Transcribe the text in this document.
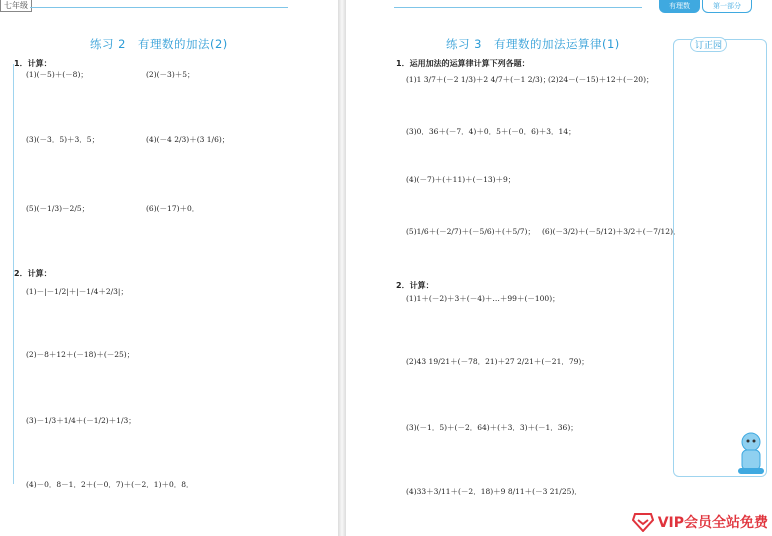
七年级
练习 2　有理数的加法(2)
1．计算：
(1)(－5)＋(－8)；	(2)(－3)＋5；
(3)(－3．5)＋3．5；	(4)(－4 2/3)＋(3 1/6)；
(5)(－1/3)－2/5；	(6)(－17)＋0．
2．计算：
(1)－|－1/2|＋|－1/4＋2/3|；
(2)－8＋12＋(－18)＋(－25)；
(3)－1/3＋1/4＋(－1/2)＋1/3；
(4)－0．8－1．2＋(－0．7)＋(－2．1)＋0．8．
练习 3　有理数的加法运算律(1)
1．运用加法的运算律计算下列各题：
(1)1 3/7＋(－2 1/3)＋2 4/7＋(－1 2/3)；
(2)24－(－15)＋12＋(－20)；
(3)0．36＋(－7．4)＋0．5＋(－0．6)＋3．14；
(4)(－7)＋(＋11)＋(－13)＋9；
(5)1/6＋(－2/7)＋(－5/6)＋(＋5/7)； (6)(－3/2)＋(－5/12)＋3/2＋(－7/12)．
2．计算：
(1)1＋(－2)＋3＋(－4)＋…＋99＋(－100)；
(2)43 19/21＋(－78．21)＋27 2/21＋(－21．79)；
(3)(－1．5)＋(－2．64)＋(＋3．3)＋(－1．36)；
(4)33＋3/11＋(－2．18)＋9 8/11＋(－3 21/25)．
有理数	第一部分
订正园
VIP会员全站免费
